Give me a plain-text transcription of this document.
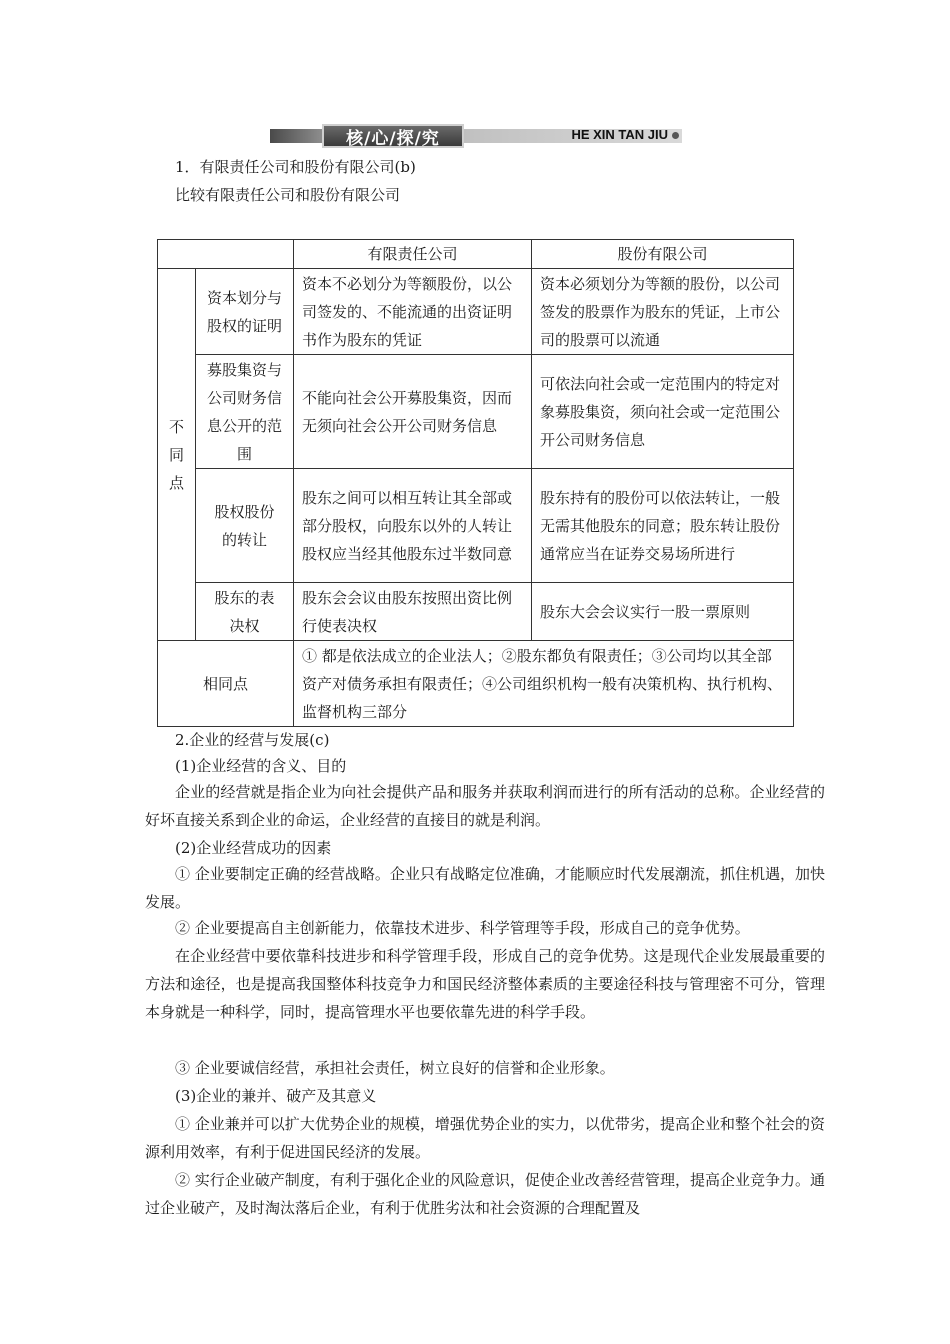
核/心/探/究	HE XIN TAN JIU
1．有限责任公司和股份有限公司(b)
比较有限责任公司和股份有限公司
		有限责任公司	股份有限公司

不同点	资本划分与股权的证明	资本不必划分为等额股份，以公司签发的、不能流通的出资证明书作为股东的凭证	资本必须划分为等额的股份，以公司签发的股票作为股东的凭证，上市公司的股票可以流通
	募股集资与公司财务信息公开的范围	不能向社会公开募股集资，因而无须向社会公开公司财务信息	可依法向社会或一定范围内的特定对象募股集资，须向社会或一定范围公开公司财务信息
	股权股份的转让	股东之间可以相互转让其全部或部分股权，向股东以外的人转让股权应当经其他股东过半数同意	股东持有的股份可以依法转让，一般无需其他股东的同意；股东转让股份通常应当在证券交易场所进行
	股东的表决权	股东会会议由股东按照出资比例行使表决权	股东大会会议实行一股一票原则
相同点		① 都是依法成立的企业法人；②股东都负有限责任；③公司均以其全部资产对债务承担有限责任；④公司组织机构一般有决策机构、执行机构、监督机构三部分	
2.企业的经营与发展(c)
(1)企业经营的含义、目的
企业的经营就是指企业为向社会提供产品和服务并获取利润而进行的所有活动的总称。企业经营的好坏直接关系到企业的命运，企业经营的直接目的就是利润。
(2)企业经营成功的因素
① 企业要制定正确的经营战略。企业只有战略定位准确，才能顺应时代发展潮流，抓住机遇，加快发展。
② 企业要提高自主创新能力，依靠技术进步、科学管理等手段，形成自己的竞争优势。
在企业经营中要依靠科技进步和科学管理手段，形成自己的竞争优势。这是现代企业发展最重要的方法和途径，也是提高我国整体科技竞争力和国民经济整体素质的主要途径科技与管理密不可分，管理本身就是一种科学，同时，提高管理水平也要依靠先进的科学手段。
③ 企业要诚信经营，承担社会责任，树立良好的信誉和企业形象。
(3)企业的兼并、破产及其意义
① 企业兼并可以扩大优势企业的规模，增强优势企业的实力，以优带劣，提高企业和整个社会的资源利用效率，有利于促进国民经济的发展。
② 实行企业破产制度，有利于强化企业的风险意识，促使企业改善经营管理，提高企业竞争力。通过企业破产，及时淘汰落后企业，有利于优胜劣汰和社会资源的合理配置及
